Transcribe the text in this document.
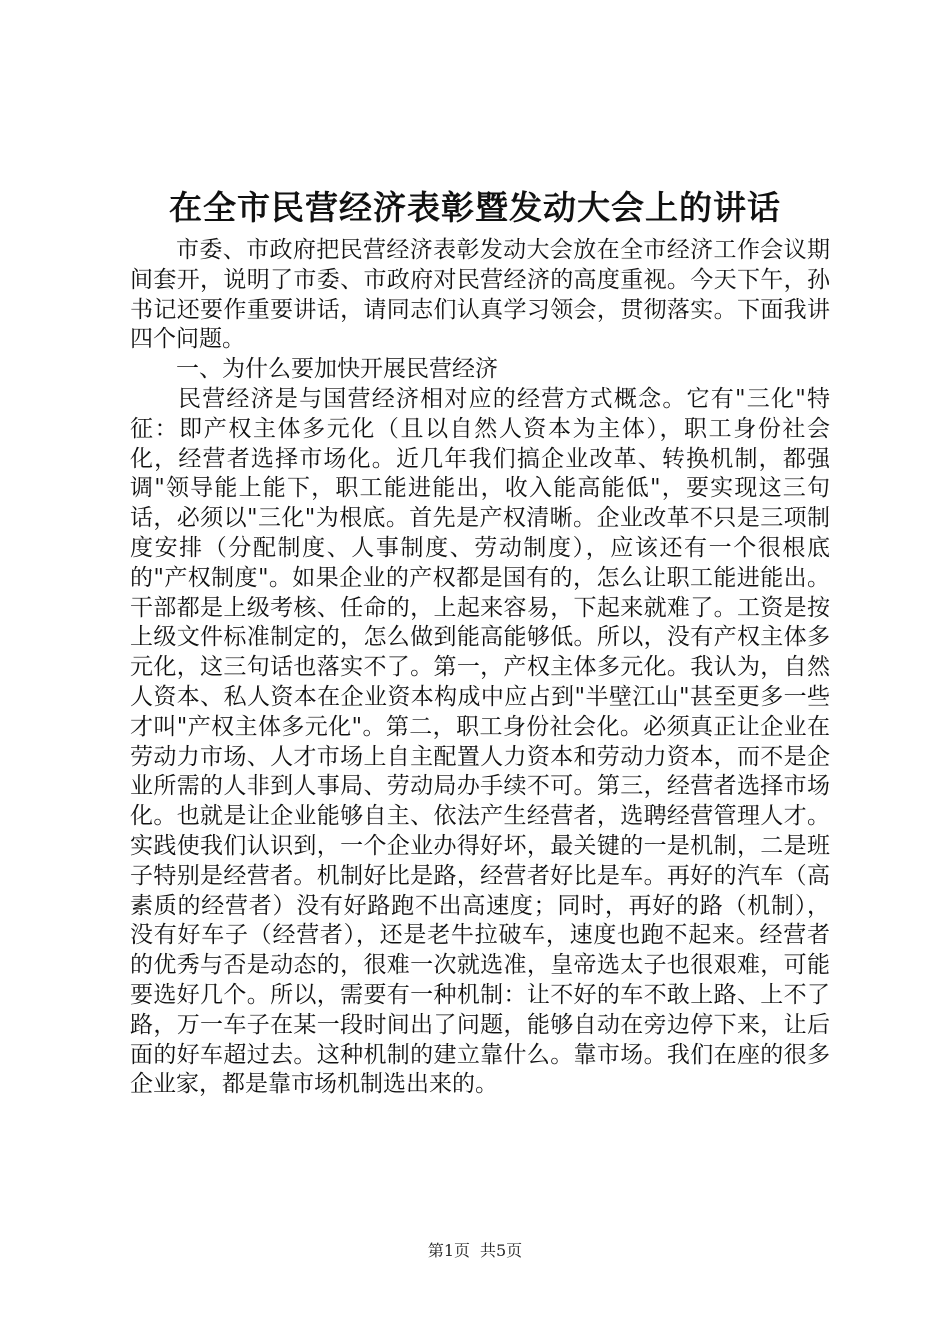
在全市民营经济表彰暨发动大会上的讲话

市委、市政府把民营经济表彰发动大会放在全市经济工作会议期间套开，说明了市委、市政府对民营经济的高度重视。今天下午，孙书记还要作重要讲话，请同志们认真学习领会，贯彻落实。下面我讲四个问题。

一、为什么要加快开展民营经济

民营经济是与国营经济相对应的经营方式概念。它有"三化"特征：即产权主体多元化（且以自然人资本为主体），职工身份社会化，经营者选择市场化。近几年我们搞企业改革、转换机制，都强调"领导能上能下，职工能进能出，收入能高能低"，要实现这三句话，必须以"三化"为根底。首先是产权清晰。企业改革不只是三项制度安排（分配制度、人事制度、劳动制度），应该还有一个很根底的"产权制度"。如果企业的产权都是国有的，怎么让职工能进能出。干部都是上级考核、任命的，上起来容易，下起来就难了。工资是按上级文件标准制定的，怎么做到能高能够低。所以，没有产权主体多元化，这三句话也落实不了。第一，产权主体多元化。我认为，自然人资本、私人资本在企业资本构成中应占到"半壁江山"甚至更多一些才叫"产权主体多元化"。第二，职工身份社会化。必须真正让企业在劳动力市场、人才市场上自主配置人力资本和劳动力资本，而不是企业所需的人非到人事局、劳动局办手续不可。第三，经营者选择市场化。也就是让企业能够自主、依法产生经营者，选聘经营管理人才。实践使我们认识到，一个企业办得好坏，最关键的一是机制，二是班子特别是经营者。机制好比是路，经营者好比是车。再好的汽车（高素质的经营者）没有好路跑不出高速度；同时，再好的路（机制），没有好车子（经营者），还是老牛拉破车，速度也跑不起来。经营者的优秀与否是动态的，很难一次就选准，皇帝选太子也很艰难，可能要选好几个。所以，需要有一种机制：让不好的车不敢上路、上不了路，万一车子在某一段时间出了问题，能够自动在旁边停下来，让后面的好车超过去。这种机制的建立靠什么。靠市场。我们在座的很多企业家，都是靠市场机制选出来的。

第1页 共5页
